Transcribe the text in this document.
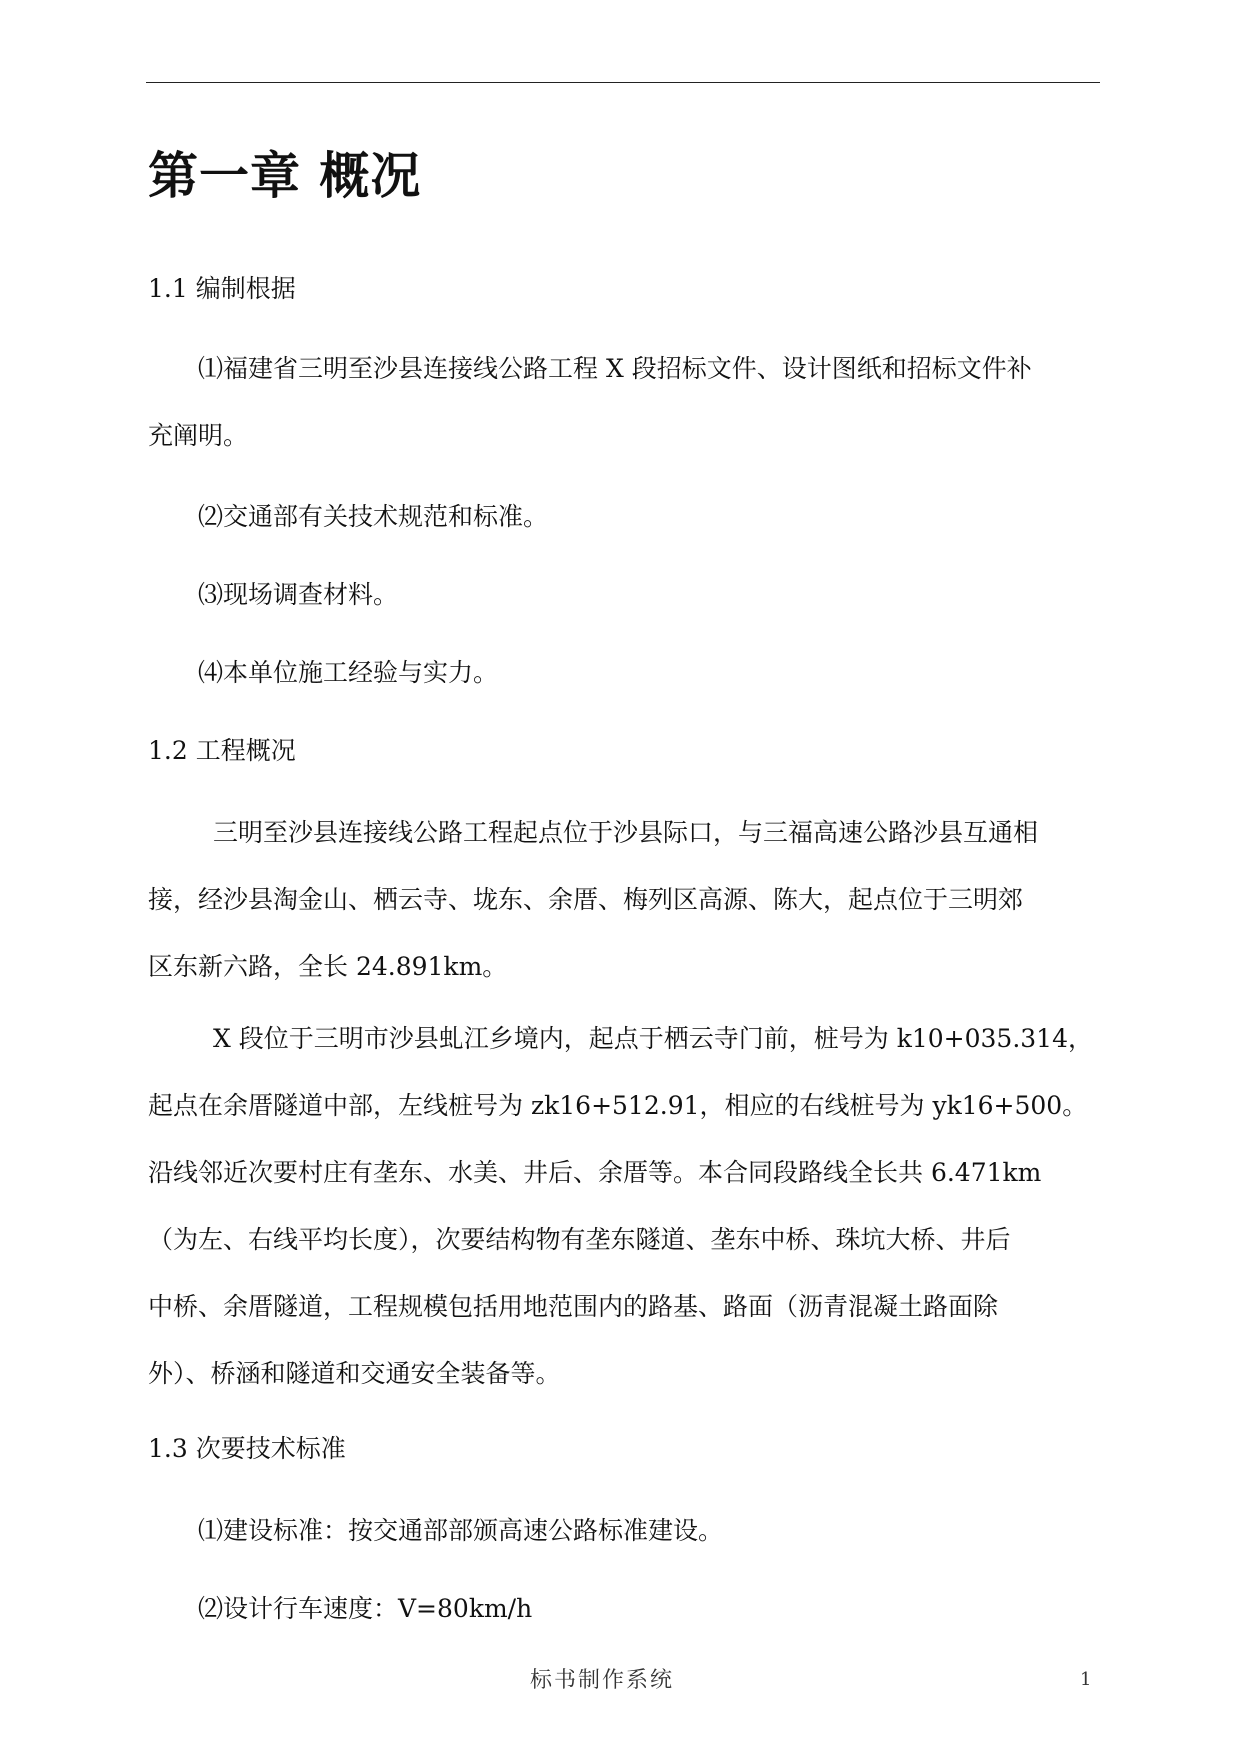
第一章 概况

1.1 编制根据

⑴福建省三明至沙县连接线公路工程 X 段招标文件、设计图纸和招标文件补
充阐明。

⑵交通部有关技术规范和标准。

⑶现场调查材料。

⑷本单位施工经验与实力。

1.2 工程概况

　三明至沙县连接线公路工程起点位于沙县际口，与三福高速公路沙县互通相
接，经沙县淘金山、栖云寺、垅东、余厝、梅列区高源、陈大，起点位于三明郊
区东新六路，全长 24.891km。
　X 段位于三明市沙县虬江乡境内，起点于栖云寺门前，桩号为 k10+035.314，
起点在余厝隧道中部，左线桩号为 zk16+512.91，相应的右线桩号为 yk16+500。
沿线邻近次要村庄有垄东、水美、井后、余厝等。本合同段路线全长共 6.471km
（为左、右线平均长度），次要结构物有垄东隧道、垄东中桥、珠坑大桥、井后
中桥、余厝隧道，工程规模包括用地范围内的路基、路面（沥青混凝土路面除
外）、桥涵和隧道和交通安全装备等。

1.3 次要技术标准

⑴建设标准：按交通部部颁高速公路标准建设。

⑵设计行车速度：V=80km/h

标书制作系统	1
